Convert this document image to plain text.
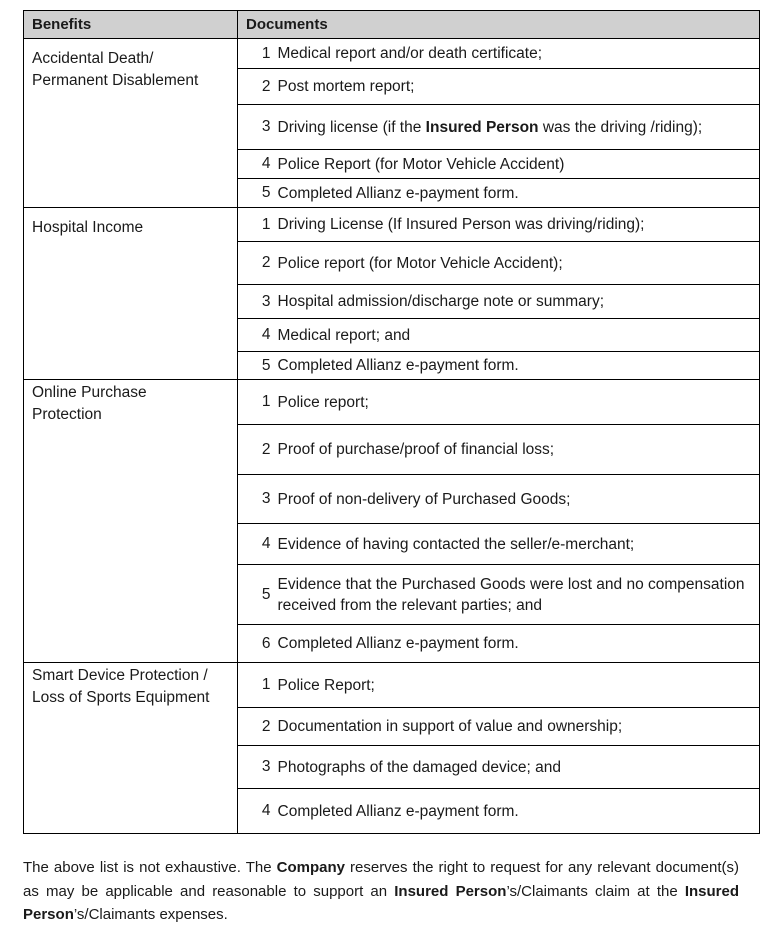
Benefits	Documents	
Accidental Death/
Permanent Disablement	1	Medical report and/or death certificate;
	2	Post mortem report;
	3	Driving license (if the Insured Person was the driving /riding);
	4	Police Report (for Motor Vehicle Accident)
	5	Completed Allianz e-payment form.
Hospital Income	1	Driving License (If Insured Person was driving/riding);
	2	Police report (for Motor Vehicle Accident);
	3	Hospital admission/discharge note or summary;
	4	Medical report; and
	5	Completed Allianz e-payment form.
Online Purchase
Protection	1	Police report;
	2	Proof of purchase/proof of financial loss;
	3	Proof of non-delivery of Purchased Goods;
	4	Evidence of having contacted the seller/e-merchant;
	5	Evidence that the Purchased Goods were lost and no compensation received from the relevant parties; and
	6	Completed Allianz e-payment form.
Smart Device Protection /
Loss of Sports Equipment	1	Police Report;
	2	Documentation in support of value and ownership;
	3	Photographs of the damaged device; and
	4	Completed Allianz e-payment form.

The above list is not exhaustive. The Company reserves the right to request for any relevant document(s) as may be applicable and reasonable to support an Insured Person’s/Claimants claim at the Insured Person’s/Claimants expenses.
